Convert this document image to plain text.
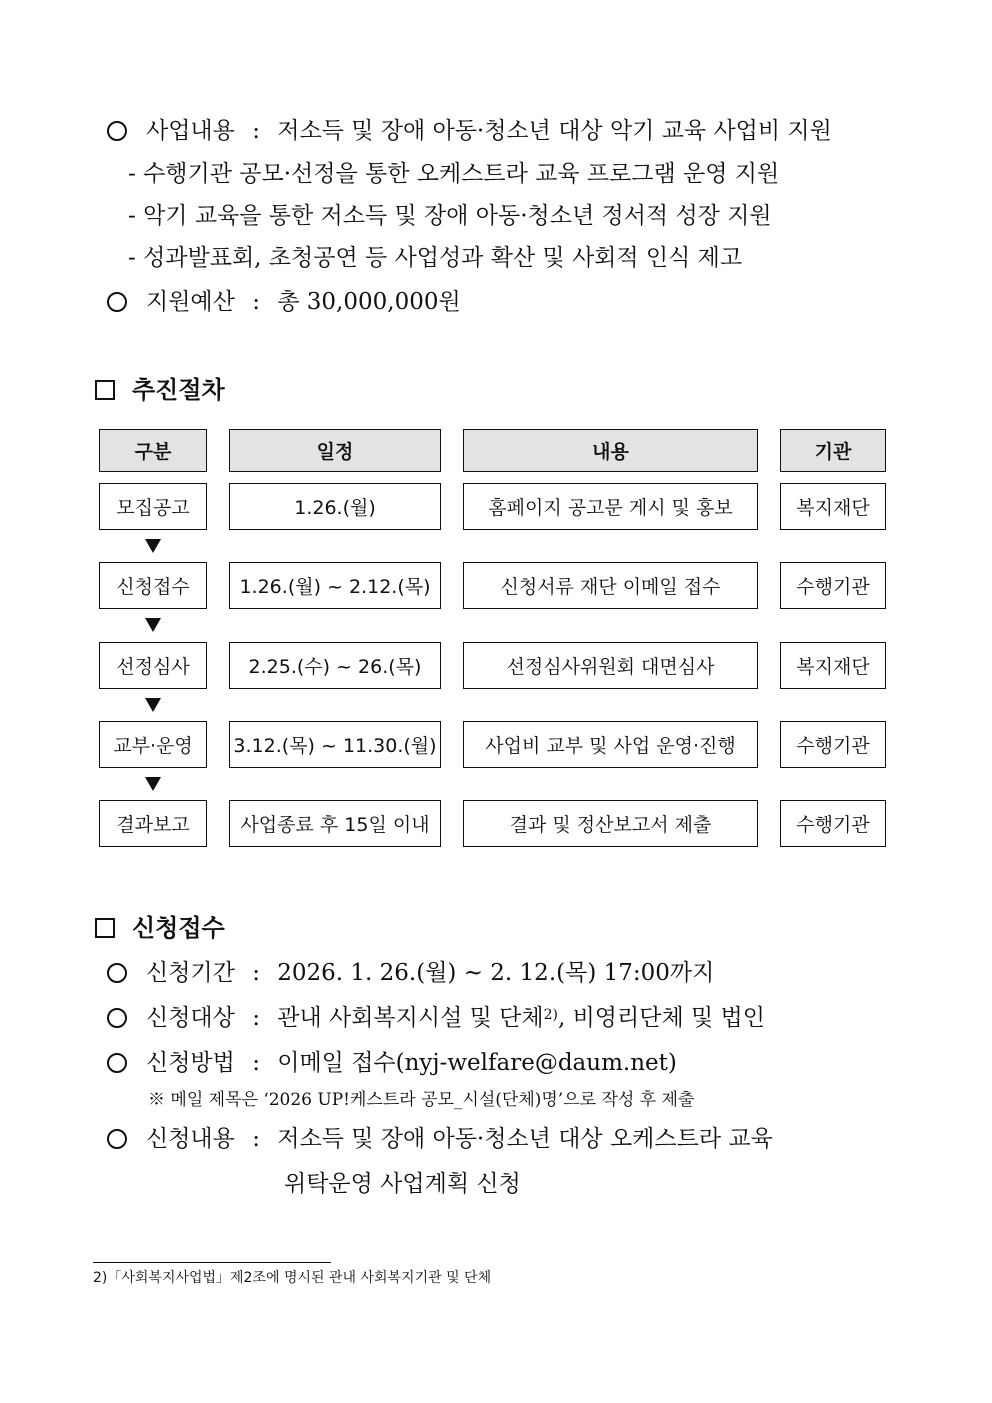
사업내용 : 저소득 및 장애 아동·청소년 대상 악기 교육 사업비 지원
- 수행기관 공모·선정을 통한 오케스트라 교육 프로그램 운영 지원
- 악기 교육을 통한 저소득 및 장애 아동·청소년 정서적 성장 지원
- 성과발표회, 초청공연 등 사업성과 확산 및 사회적 인식 제고
지원예산 : 총 30,000,000원
추진절차
구분	일정	내용	기관
모집공고	1.26.(월)	홈페이지 공고문 게시 및 홍보	복지재단
신청접수	1.26.(월) ~ 2.12.(목)	신청서류 재단 이메일 접수	수행기관
선정심사	2.25.(수) ~ 26.(목)	선정심사위원회 대면심사	복지재단
교부·운영	3.12.(목) ~ 11.30.(월)	사업비 교부 및 사업 운영·진행	수행기관
결과보고	사업종료 후 15일 이내	결과 및 정산보고서 제출	수행기관
신청접수
신청기간 : 2026. 1. 26.(월) ~ 2. 12.(목) 17:00까지
신청대상 : 관내 사회복지시설 및 단체$^{2)}$, 비영리단체 및 법인
신청방법 : 이메일 접수(nyj-welfare@daum.net)
※ 메일 제목은 ‘2026 UP!케스트라 공모_시설(단체)명’으로 작성 후 제출
신청내용 : 저소득 및 장애 아동·청소년 대상 오케스트라 교육
위탁운영 사업계획 신청
2)「사회복지사업법」제2조에 명시된 관내 사회복지기관 및 단체
